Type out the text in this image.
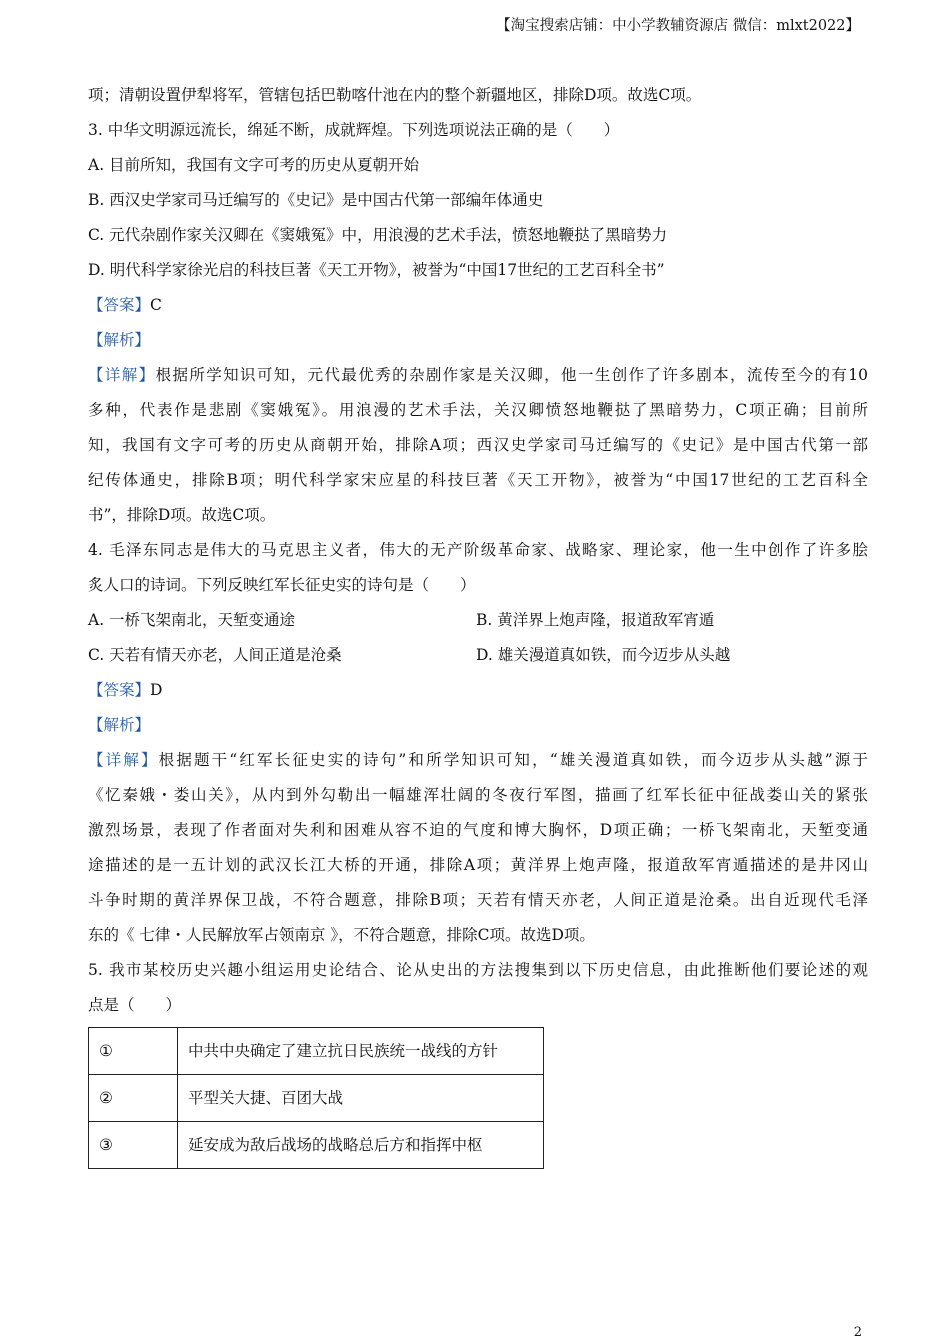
【淘宝搜索店铺：中小学教辅资源店 微信：mlxt2022】
项；清朝设置伊犁将军，管辖包括巴勒喀什池在内的整个新疆地区，排除D项。故选C项。
3. 中华文明源远流长，绵延不断，成就辉煌。下列选项说法正确的是（　　）
A. 目前所知，我国有文字可考的历史从夏朝开始
B. 西汉史学家司马迁编写的《史记》是中国古代第一部编年体通史
C. 元代杂剧作家关汉卿在《窦娥冤》中，用浪漫的艺术手法，愤怒地鞭挞了黑暗势力
D. 明代科学家徐光启的科技巨著《天工开物》，被誉为“中国17世纪的工艺百科全书”
【答案】C
【解析】
【详解】根据所学知识可知，元代最优秀的杂剧作家是关汉卿，他一生创作了许多剧本，流传至今的有10
多种，代表作是悲剧《窦娥冤》。用浪漫的艺术手法，关汉卿愤怒地鞭挞了黑暗势力，C项正确；目前所
知，我国有文字可考的历史从商朝开始，排除A项；西汉史学家司马迁编写的《史记》是中国古代第一部
纪传体通史，排除B项；明代科学家宋应星的科技巨著《天工开物》，被誉为“中国17世纪的工艺百科全
书”，排除D项。故选C项。
4. 毛泽东同志是伟大的马克思主义者，伟大的无产阶级革命家、战略家、理论家，他一生中创作了许多脍
炙人口的诗词。下列反映红军长征史实的诗句是（　　）
A. 一桥飞架南北，天堑变通途	B. 黄洋界上炮声隆，报道敌军宵遁
C. 天若有情天亦老，人间正道是沧桑	D. 雄关漫道真如铁，而今迈步从头越
【答案】D
【解析】
【详解】根据题干“红军长征史实的诗句”和所学知识可知，“雄关漫道真如铁，而今迈步从头越”源于
《忆秦娥・娄山关》，从内到外勾勒出一幅雄浑壮阔的冬夜行军图，描画了红军长征中征战娄山关的紧张
激烈场景，表现了作者面对失利和困难从容不迫的气度和博大胸怀，D项正确；一桥飞架南北，天堑变通
途描述的是一五计划的武汉长江大桥的开通，排除A项；黄洋界上炮声隆，报道敌军宵遁描述的是井冈山
斗争时期的黄洋界保卫战，不符合题意，排除B项；天若有情天亦老，人间正道是沧桑。出自近现代毛泽
东的《 七律・人民解放军占领南京 》，不符合题意，排除C项。故选D项。
5. 我市某校历史兴趣小组运用史论结合、论从史出的方法搜集到以下历史信息，由此推断他们要论述的观
点是（　　）
①	中共中央确定了建立抗日民族统一战线的方针
②	平型关大捷、百团大战
③	延安成为敌后战场的战略总后方和指挥中枢
2
